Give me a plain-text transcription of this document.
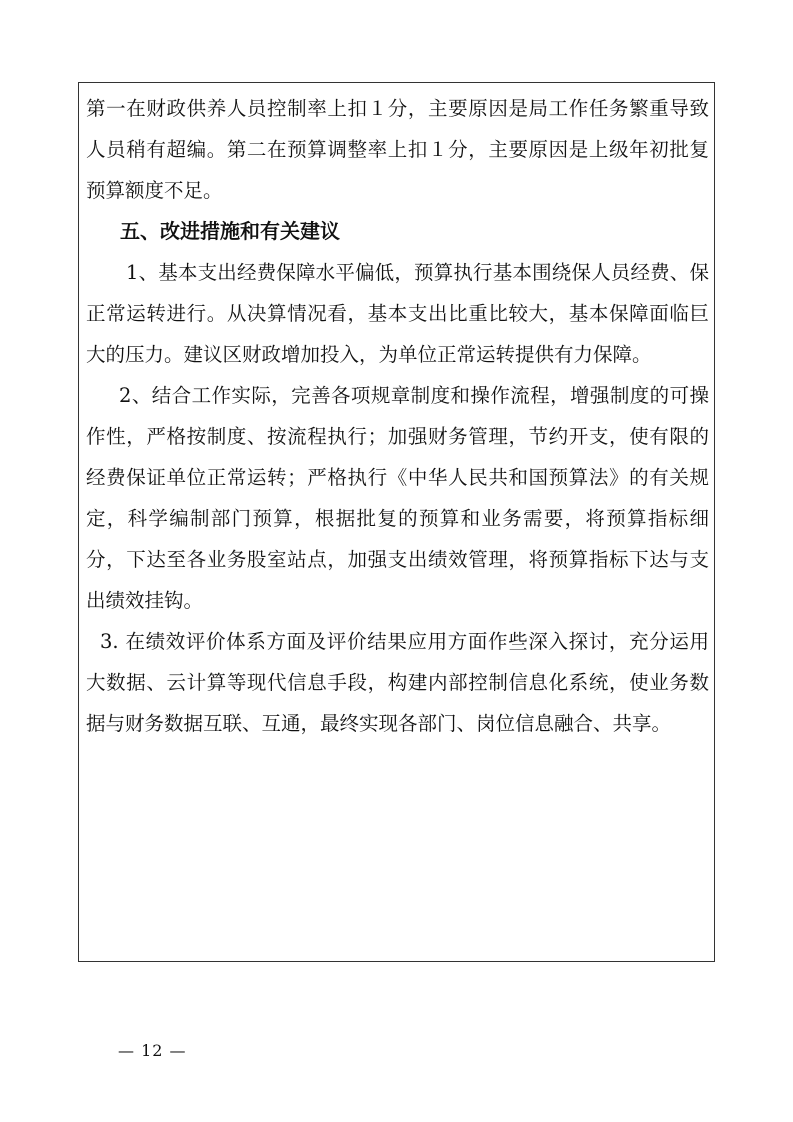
第一在财政供养人员控制率上扣１分，主要原因是局工作任务繁重导致人员稍有超编。第二在预算调整率上扣１分，主要原因是上级年初批复预算额度不足。

五、改进措施和有关建议

1、基本支出经费保障水平偏低，预算执行基本围绕保人员经费、保正常运转进行。从决算情况看，基本支出比重比较大，基本保障面临巨大的压力。建议区财政增加投入，为单位正常运转提供有力保障。

2、结合工作实际，完善各项规章制度和操作流程，增强制度的可操作性，严格按制度、按流程执行；加强财务管理，节约开支，使有限的经费保证单位正常运转；严格执行《中华人民共和国预算法》的有关规定，科学编制部门预算，根据批复的预算和业务需要，将预算指标细分，下达至各业务股室站点，加强支出绩效管理，将预算指标下达与支出绩效挂钩。

3. 在绩效评价体系方面及评价结果应用方面作些深入探讨，充分运用大数据、云计算等现代信息手段，构建内部控制信息化系统，使业务数据与财务数据互联、互通，最终实现各部门、岗位信息融合、共享。

— 12 —
